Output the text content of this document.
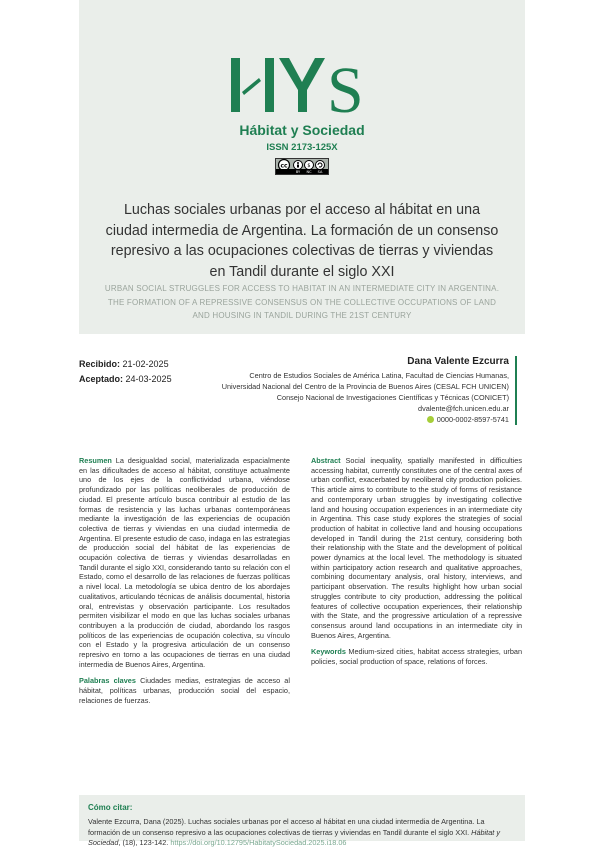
S
Hábitat y Sociedad
ISSN 2173-125X
cc	$
BY NC SA
Luchas sociales urbanas por el acceso al hábitat en una ciudad intermedia de Argentina. La formación de un consenso represivo a las ocupaciones colectivas de tierras y viviendas en Tandil durante el siglo XXI
URBAN SOCIAL STRUGGLES FOR ACCESS TO HABITAT IN AN INTERMEDIATE CITY IN ARGENTINA. THE FORMATION OF A REPRESSIVE CONSENSUS ON THE COLLECTIVE OCCUPATIONS OF LAND AND HOUSING IN TANDIL DURING THE 21ST CENTURY
Recibido: 21-02-2025
Aceptado: 24-03-2025
Dana Valente Ezcurra
Centro de Estudios Sociales de América Latina, Facultad de Ciencias Humanas,
Universidad Nacional del Centro de la Provincia de Buenos Aires (CESAL FCH UNICEN)
Consejo Nacional de Investigaciones Científicas y Técnicas (CONICET)
dvalente@fch.unicen.edu.ar
0000-0002-8597-5741
Resumen La desigualdad social, materializada espacialmente en las dificultades de acceso al hábitat, constituye actualmente uno de los ejes de la conflictividad urbana, viéndose profundizado por las políticas neoliberales de producción de ciudad. El presente artículo busca contribuir al estudio de las formas de resistencia y las luchas urbanas contemporáneas mediante la investigación de las experiencias de ocupación colectiva de tierras y viviendas en una ciudad intermedia de Argentina. El presente estudio de caso, indaga en las estrategias de producción social del hábitat de las experiencias de ocupación colectiva de tierras y viviendas desarrolladas en Tandil durante el siglo XXI, considerando tanto su relación con el Estado, como el desarrollo de las relaciones de fuerzas políticas a nivel local. La metodología se ubica dentro de los abordajes cualitativos, articulando técnicas de análisis documental, historia oral, entrevistas y observación participante. Los resultados permiten visibilizar el modo en que las luchas sociales urbanas contribuyen a la producción de ciudad, abordando los rasgos políticos de las experiencias de ocupación colectiva, su vínculo con el Estado y la progresiva articulación de un consenso represivo en torno a las ocupaciones de tierras en una ciudad intermedia de Buenos Aires, Argentina.
Palabras claves Ciudades medias, estrategias de acceso al hábitat, políticas urbanas, producción social del espacio, relaciones de fuerzas.
Abstract Social inequality, spatially manifested in difficulties accessing habitat, currently constitutes one of the central axes of urban conflict, exacerbated by neoliberal city production policies. This article aims to contribute to the study of forms of resistance and contemporary urban struggles by investigating collective land and housing occupation experiences in an intermediate city in Argentina. This case study explores the strategies of social production of habitat in collective land and housing occupations developed in Tandil during the 21st century, considering both their relationship with the State and the development of political power dynamics at the local level. The methodology is situated within participatory action research and qualitative approaches, combining documentary analysis, oral history, interviews, and participant observation. The results highlight how urban social struggles contribute to city production, addressing the political features of collective occupation experiences, their relationship with the State, and the progressive articulation of a repressive consensus around land occupations in an intermediate city in Buenos Aires, Argentina.
Keywords Medium-sized cities, habitat access strategies, urban policies, social production of space, relations of forces.
Cómo citar:
Valente Ezcurra, Dana (2025). Luchas sociales urbanas por el acceso al hábitat en una ciudad intermedia de Argentina. La formación de un consenso represivo a las ocupaciones colectivas de tierras y viviendas en Tandil durante el siglo XXI. Hábitat y Sociedad, (18), 123-142. https://doi.org/10.12795/HabitatySociedad.2025.i18.06
